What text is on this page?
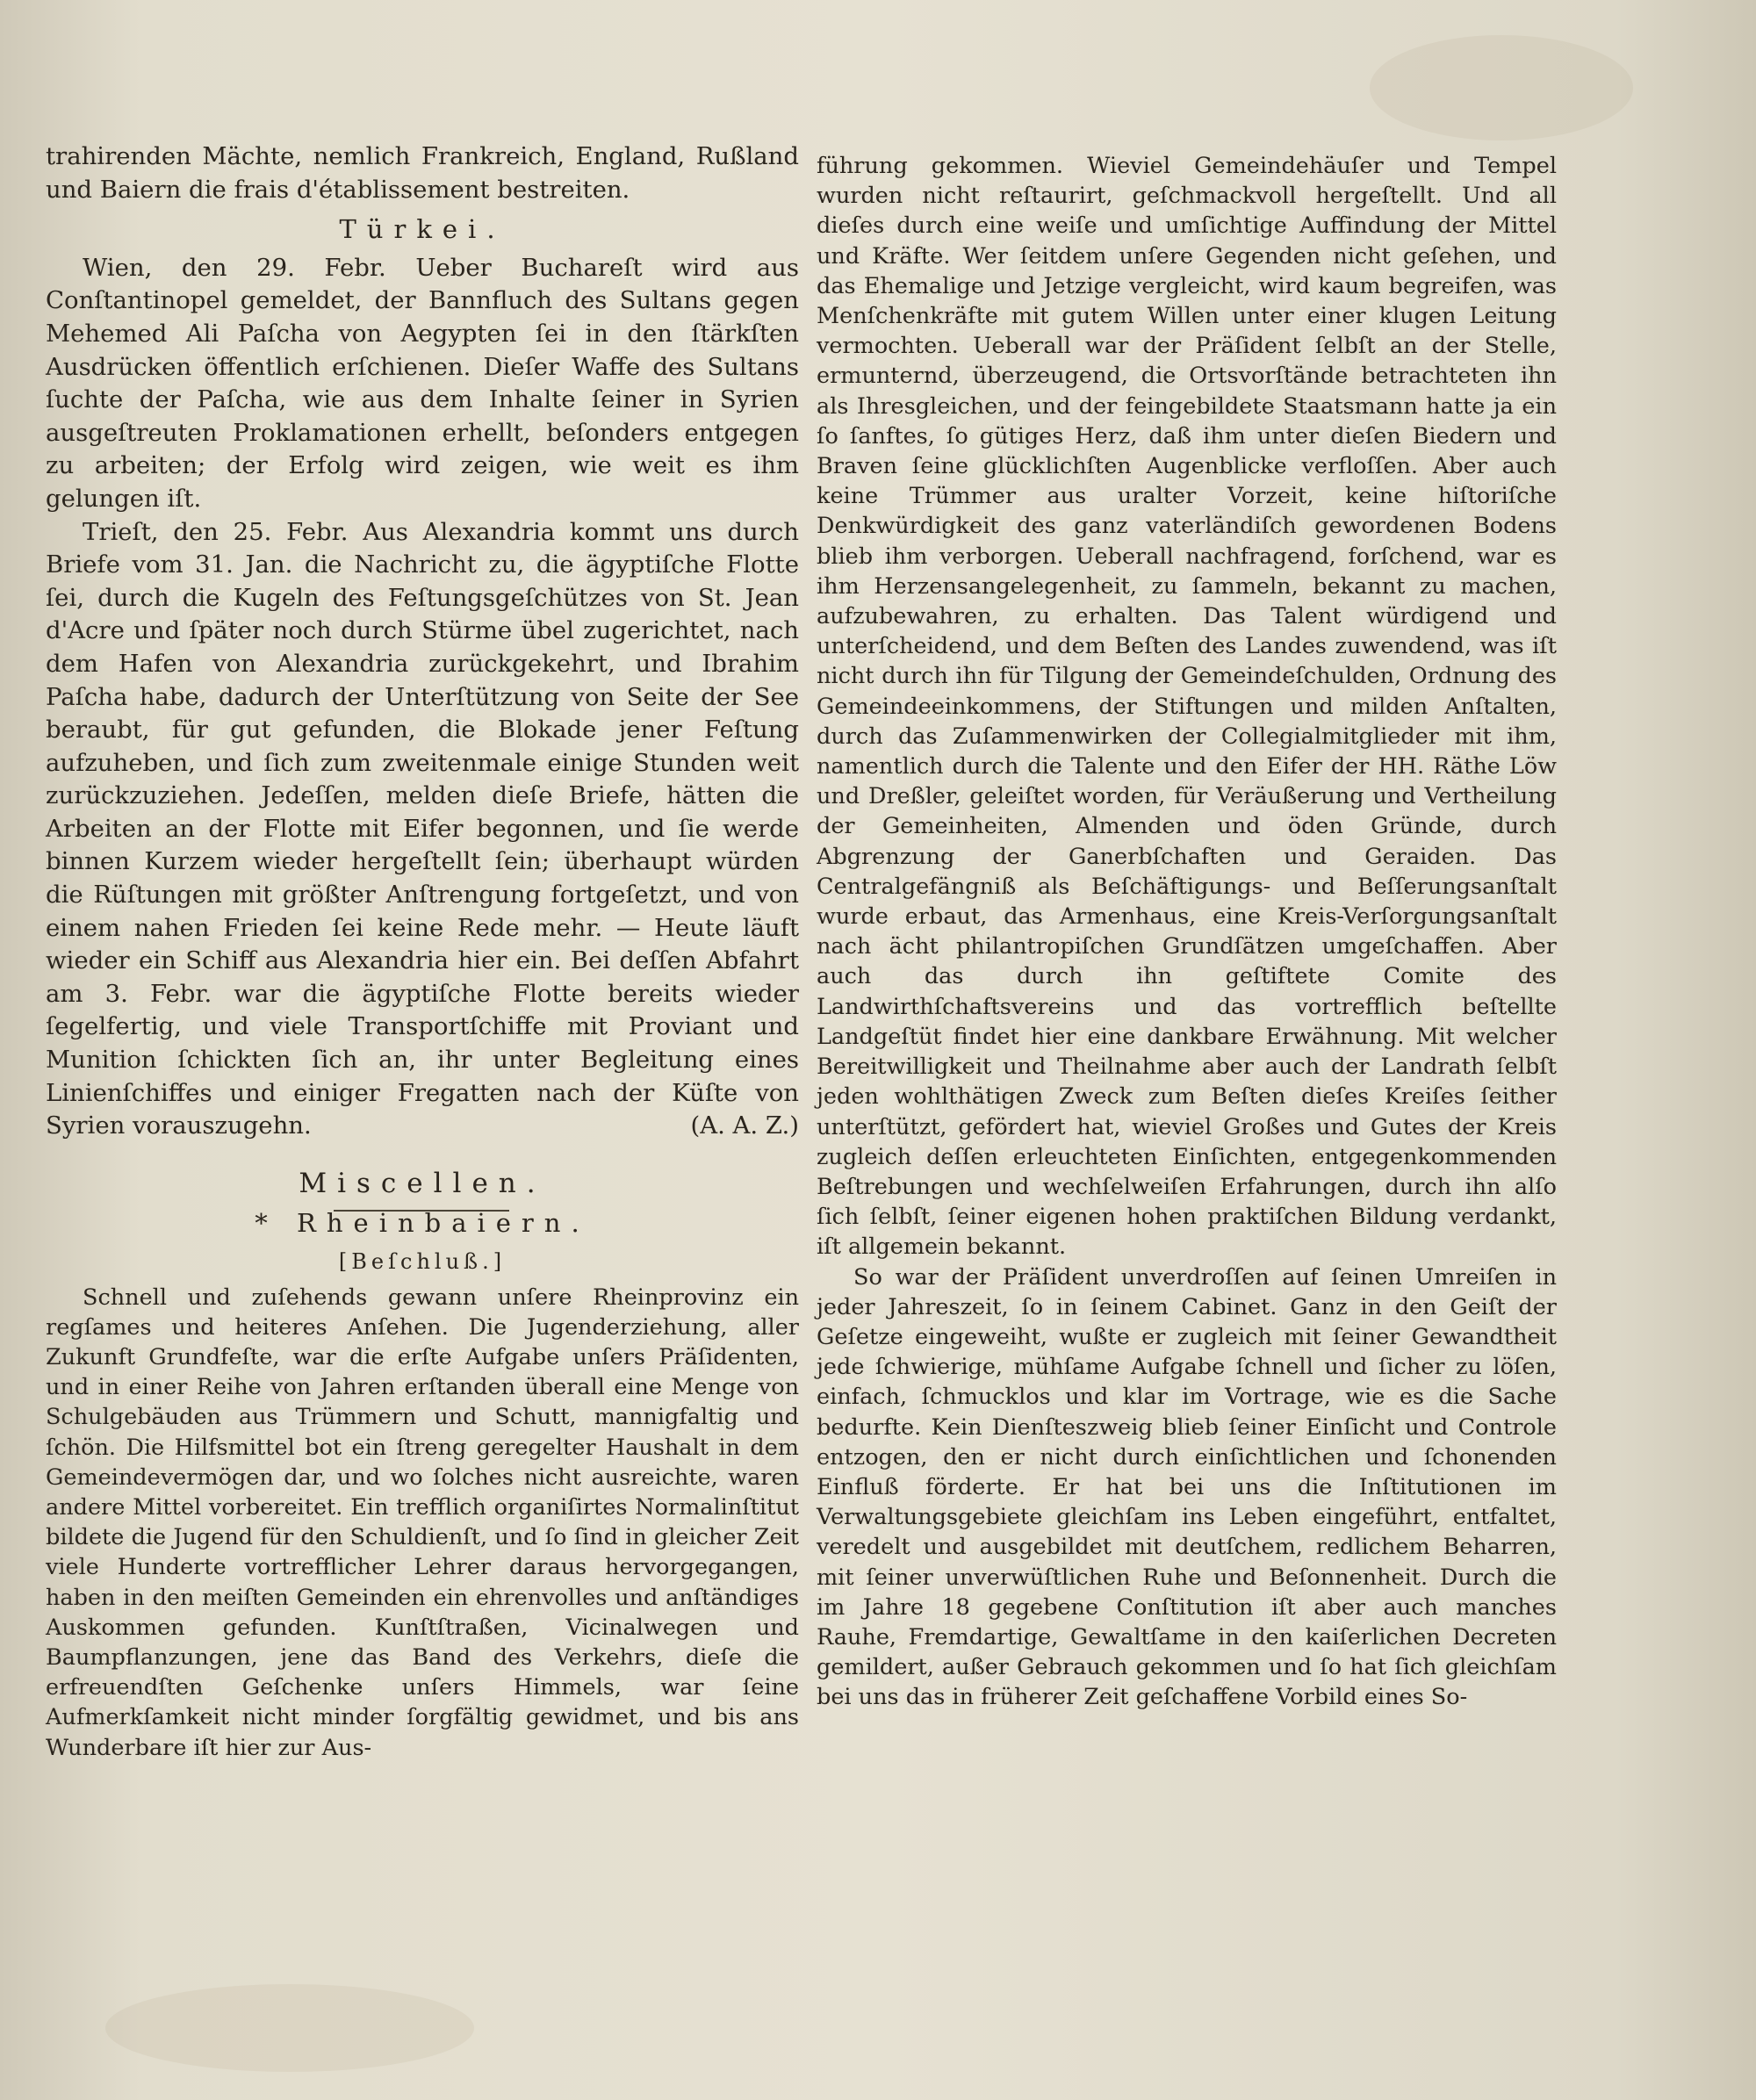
trahirenden Mächte, nemlich Frankreich, England, Rußland und Baiern die frais d'établissement bestreiten.

Türkei.

Wien, den 29. Febr. Ueber Buchareſt wird aus Conſtantinopel gemeldet, der Bannfluch des Sultans gegen Mehemed Ali Paſcha von Aegypten ſei in den ſtärkſten Ausdrücken öffentlich erſchienen. Dieſer Waffe des Sultans ſuchte der Paſcha, wie aus dem Inhalte ſeiner in Syrien ausgeſtreuten Proklamationen erhellt, beſonders entgegen zu arbeiten; der Erfolg wird zeigen, wie weit es ihm gelungen iſt.

Trieſt, den 25. Febr. Aus Alexandria kommt uns durch Briefe vom 31. Jan. die Nachricht zu, die ägyptiſche Flotte ſei, durch die Kugeln des Feſtungsgeſchützes von St. Jean d'Acre und ſpäter noch durch Stürme übel zugerichtet, nach dem Hafen von Alexandria zurückgekehrt, und Ibrahim Paſcha habe, dadurch der Unterſtützung von Seite der See beraubt, für gut gefunden, die Blokade jener Feſtung aufzuheben, und ſich zum zweitenmale einige Stunden weit zurückzuziehen. Jedeſſen, melden dieſe Briefe, hätten die Arbeiten an der Flotte mit Eifer begonnen, und ſie werde binnen Kurzem wieder hergeſtellt ſein; überhaupt würden die Rüſtungen mit größter Anſtrengung fortgeſetzt, und von einem nahen Frieden ſei keine Rede mehr. — Heute läuft wieder ein Schiff aus Alexandria hier ein. Bei deſſen Abfahrt am 3. Febr. war die ägyptiſche Flotte bereits wieder ſegelfertig, und viele Transportſchiffe mit Proviant und Munition ſchickten ſich an, ihr unter Begleitung eines Linienſchiffes und einiger Fregatten nach der Küſte von Syrien vorauszugehn.	(A. A. Z.)

Miscellen.
* Rheinbaiern.
[Beſchluß.]

Schnell und zuſehends gewann unſere Rheinprovinz ein regſames und heiteres Anſehen. Die Jugenderziehung, aller Zukunft Grundfeſte, war die erſte Aufgabe unſers Präſidenten, und in einer Reihe von Jahren erſtanden überall eine Menge von Schulgebäuden aus Trümmern und Schutt, mannigfaltig und ſchön. Die Hilfsmittel bot ein ſtreng geregelter Haushalt in dem Gemeindevermögen dar, und wo ſolches nicht ausreichte, waren andere Mittel vorbereitet. Ein trefflich organiſirtes Normalinſtitut bildete die Jugend für den Schuldienſt, und ſo ſind in gleicher Zeit viele Hunderte vortrefflicher Lehrer daraus hervorgegangen, haben in den meiſten Gemeinden ein ehrenvolles und anſtändiges Auskommen gefunden. Kunſtſtraßen, Vicinalwegen und Baumpflanzungen, jene das Band des Verkehrs, dieſe die erfreuendſten Geſchenke unſers Himmels, war ſeine Aufmerkſamkeit nicht minder ſorgfältig gewidmet, und bis ans Wunderbare iſt hier zur Aus-

führung gekommen. Wieviel Gemeindehäuſer und Tempel wurden nicht reſtaurirt, geſchmackvoll hergeſtellt. Und all dieſes durch eine weiſe und umſichtige Auffindung der Mittel und Kräfte. Wer ſeitdem unſere Gegenden nicht geſehen, und das Ehemalige und Jetzige vergleicht, wird kaum begreifen, was Menſchenkräfte mit gutem Willen unter einer klugen Leitung vermochten. Ueberall war der Präſident ſelbſt an der Stelle, ermunternd, überzeugend, die Ortsvorſtände betrachteten ihn als Ihresgleichen, und der feingebildete Staatsmann hatte ja ein ſo ſanftes, ſo gütiges Herz, daß ihm unter dieſen Biedern und Braven ſeine glücklichſten Augenblicke verfloſſen. Aber auch keine Trümmer aus uralter Vorzeit, keine hiſtoriſche Denkwürdigkeit des ganz vaterländiſch gewordenen Bodens blieb ihm verborgen. Ueberall nachfragend, forſchend, war es ihm Herzensangelegenheit, zu ſammeln, bekannt zu machen, aufzubewahren, zu erhalten. Das Talent würdigend und unterſcheidend, und dem Beſten des Landes zuwendend, was iſt nicht durch ihn für Tilgung der Gemeindeſchulden, Ordnung des Gemeindeeinkommens, der Stiftungen und milden Anſtalten, durch das Zuſammenwirken der Collegialmitglieder mit ihm, namentlich durch die Talente und den Eifer der HH. Räthe Löw und Dreßler, geleiſtet worden, für Veräußerung und Vertheilung der Gemeinheiten, Almenden und öden Gründe, durch Abgrenzung der Ganerbſchaften und Geraiden. Das Centralgefängniß als Beſchäftigungs- und Beſſerungsanſtalt wurde erbaut, das Armenhaus, eine Kreis-Verſorgungsanſtalt nach ächt philantropiſchen Grundſätzen umgeſchaffen. Aber auch das durch ihn geſtiftete Comite des Landwirthſchaftsvereins und das vortrefflich beſtellte Landgeſtüt findet hier eine dankbare Erwähnung. Mit welcher Bereitwilligkeit und Theilnahme aber auch der Landrath ſelbſt jeden wohlthätigen Zweck zum Beſten dieſes Kreiſes ſeither unterſtützt, gefördert hat, wieviel Großes und Gutes der Kreis zugleich deſſen erleuchteten Einſichten, entgegenkommenden Beſtrebungen und wechſelweiſen Erfahrungen, durch ihn alſo ſich ſelbſt, ſeiner eigenen hohen praktiſchen Bildung verdankt, iſt allgemein bekannt.

So war der Präſident unverdroſſen auf ſeinen Umreiſen in jeder Jahreszeit, ſo in ſeinem Cabinet. Ganz in den Geiſt der Geſetze eingeweiht, wußte er zugleich mit ſeiner Gewandtheit jede ſchwierige, mühſame Aufgabe ſchnell und ſicher zu löſen, einfach, ſchmucklos und klar im Vortrage, wie es die Sache bedurfte. Kein Dienſteszweig blieb ſeiner Einſicht und Controle entzogen, den er nicht durch einſichtlichen und ſchonenden Einfluß förderte. Er hat bei uns die Inſtitutionen im Verwaltungsgebiete gleichſam ins Leben eingeführt, entfaltet, veredelt und ausgebildet mit deutſchem, redlichem Beharren, mit ſeiner unverwüſtlichen Ruhe und Beſonnenheit. Durch die im Jahre 18 gegebene Conſtitution iſt aber auch manches Rauhe, Fremdartige, Gewaltſame in den kaiſerlichen Decreten gemildert, außer Gebrauch gekommen und ſo hat ſich gleichſam bei uns das in früherer Zeit geſchaffene Vorbild eines So-
